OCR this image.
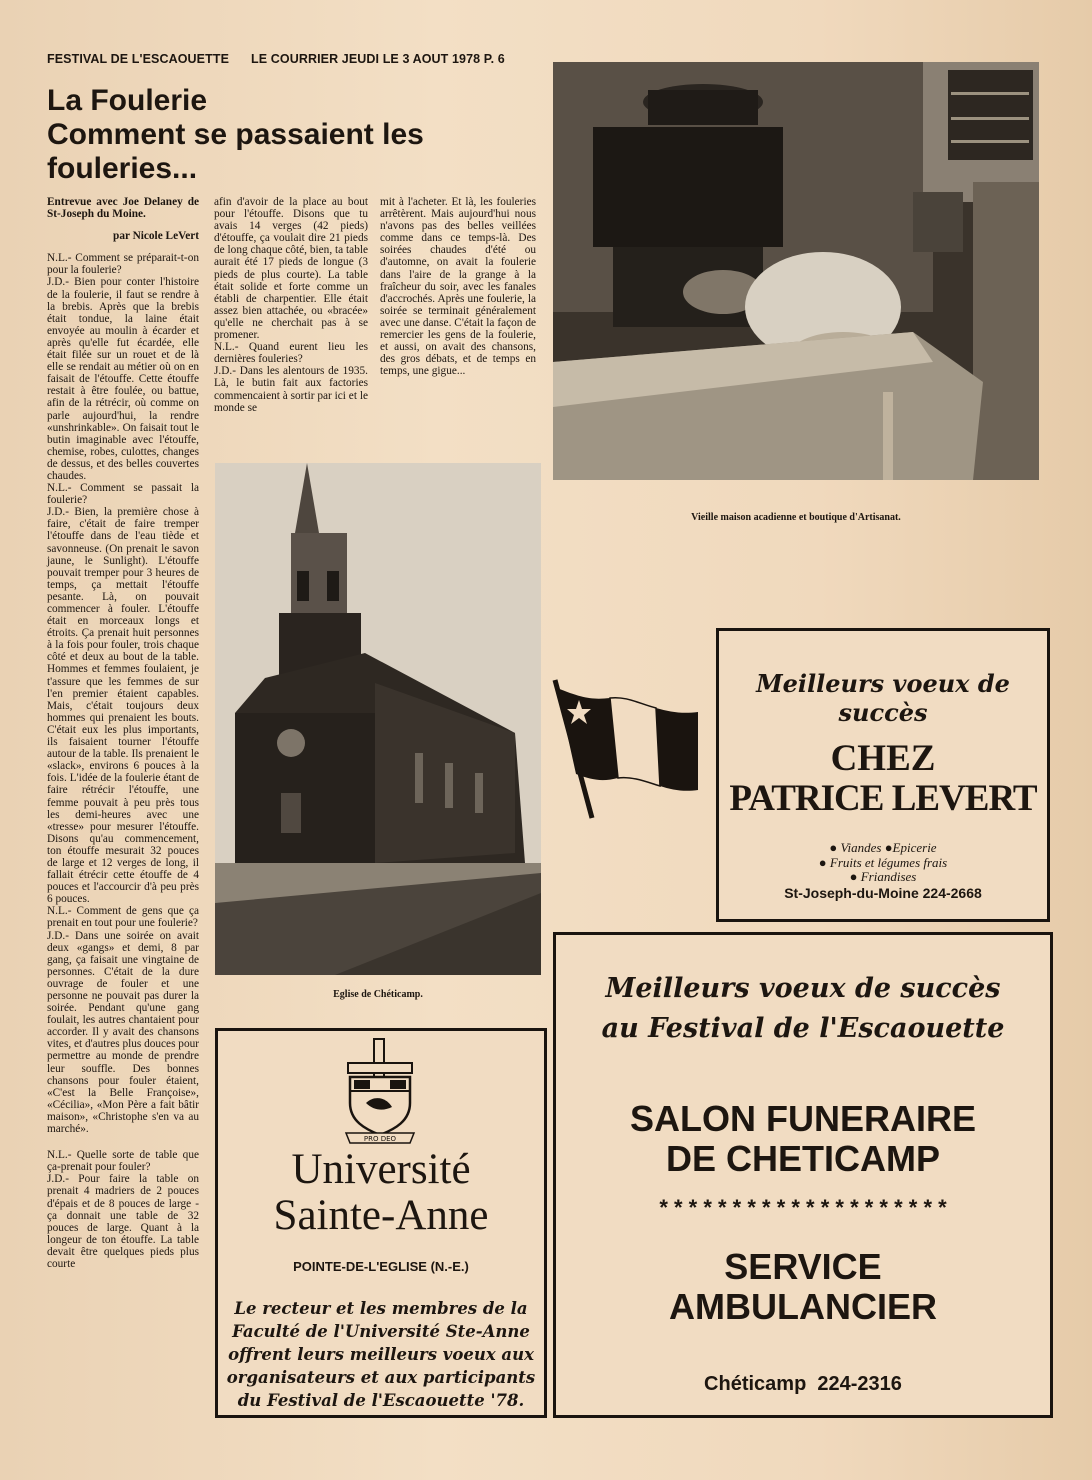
FESTIVAL DE L'ESCAOUETTE LE COURRIER JEUDI LE 3 AOUT 1978 P. 6
La Foulerie
Comment se passaient les
fouleries...

Entrevue avec Joe Delaney de St-Joseph du Moine.

par Nicole LeVert

N.L.- Comment se préparait-t-on pour la foulerie?

J.D.- Bien pour conter l'histoire de la foulerie, il faut se rendre à la brebis. Après que la brebis était tondue, la laine était envoyée au moulin à écarder et après qu'elle fut écardée, elle était filée sur un rouet et de là elle se rendait au métier où on en faisait de l'étouffe. Cette étouffe restait à être foulée, ou battue, afin de la rétrécir, où comme on parle aujourd'hui, la rendre «unshrinkable». On faisait tout le butin imaginable avec l'étouffe, chemise, robes, culottes, changes de dessus, et des belles couvertes chaudes.

N.L.- Comment se passait la foulerie?

J.D.- Bien, la première chose à faire, c'était de faire tremper l'étouffe dans de l'eau tiède et savonneuse. (On prenait le savon jaune, le Sunlight). L'étouffe pouvait tremper pour 3 heures de temps, ça mettait l'étouffe pesante. Là, on pouvait commencer à fouler. L'étouffe était en morceaux longs et étroits. Ça prenait huit personnes à la fois pour fouler, trois chaque côté et deux au bout de la table. Hommes et femmes foulaient, je t'assure que les femmes de sur l'en premier étaient capables. Mais, c'était toujours deux hommes qui prenaient les bouts. C'était eux les plus importants, ils faisaient tourner l'étouffe autour de la table. Ils prenaient le «slack», environs 6 pouces à la fois. L'idée de la foulerie étant de faire rétrécir l'étouffe, une femme pouvait à peu près tous les demi-heures avec une «tresse» pour mesurer l'étouffe. Disons qu'au commencement, ton étouffe mesurait 32 pouces de large et 12 verges de long, il fallait étrécir cette étouffe de 4 pouces et l'accourcir d'à peu près 6 pouces.

N.L.- Comment de gens que ça prenait en tout pour une foulerie?

J.D.- Dans une soirée on avait deux «gangs» et demi, 8 par gang, ça faisait une vingtaine de personnes. C'était de la dure ouvrage de fouler et une personne ne pouvait pas durer la soirée. Pendant qu'une gang foulait, les autres chantaient pour accorder. Il y avait des chansons vites, et d'autres plus douces pour permettre au monde de prendre leur souffle. Des bonnes chansons pour fouler étaient, «C'est la Belle Françoise», «Cécilia», «Mon Père a fait bâtir maison», «Christophe s'en va au marché».

N.L.- Quelle sorte de table que ça-prenait pour fouler?

J.D.- Pour faire la table on prenait 4 madriers de 2 pouces d'épais et de 8 pouces de large - ça donnait une table de 32 pouces de large. Quant à la longeur de ton étouffe. La table devait être quelques pieds plus courte

afin d'avoir de la place au bout pour l'étouffe. Disons que tu avais 14 verges (42 pieds) d'étouffe, ça voulait dire 21 pieds de long chaque côté, bien, ta table aurait été 17 pieds de longue (3 pieds de plus courte). La table était solide et forte comme un établi de charpentier. Elle était assez bien attachée, ou «bracée» qu'elle ne cherchait pas à se promener.

N.L.- Quand eurent lieu les dernières fouleries?

J.D.- Dans les alentours de 1935. Là, le butin fait aux factories commencaient à sortir par ici et le monde se

mit à l'acheter. Et là, les fouleries arrêtèrent. Mais aujourd'hui nous n'avons pas des belles veillées comme dans ce temps-là. Des soirées chaudes d'été ou d'automne, on avait la foulerie dans l'aire de la grange à la fraîcheur du soir, avec les fanales d'accrochés. Après une foulerie, la soirée se terminait généralement avec une danse. C'était la façon de remercier les gens de la foulerie, et aussi, on avait des chansons, des gros débats, et de temps en temps, une gigue...

Vieille maison acadienne et boutique d'Artisanat.
Eglise de Chéticamp.
Meilleurs voeux de succès
CHEZ
PATRICE LEVERT
● Viandes ●Epicerie
● Fruits et légumes frais
● Friandises
St-Joseph-du-Moine 224-2668
PRO DEO
Université
Sainte-Anne
POINTE-DE-L'EGLISE (N.-E.)
Le recteur et les membres de la Faculté de l'Université Ste-Anne offrent leurs meilleurs voeux aux organisateurs et aux participants du Festival de l'Escaouette '78.
Meilleurs voeux de succès
au Festival de l'Escaouette
SALON FUNERAIRE
DE CHETICAMP
* * * * * * * * * * * * * * * * * * * *
SERVICE
AMBULANCIER
Chéticamp  224-2316
